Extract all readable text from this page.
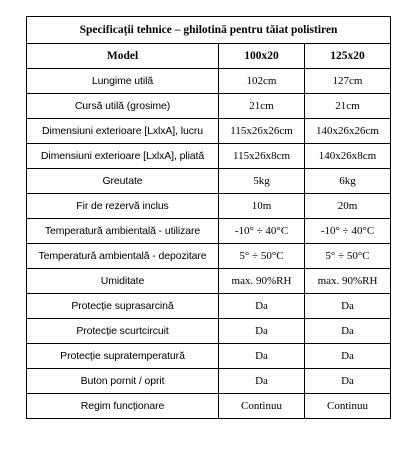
Specificații tehnice – ghilotină pentru tăiat polistiren		
Model	100x20	125x20
Lungime utilă	102cm	127cm
Cursă utilă (grosime)	21cm	21cm
Dimensiuni exterioare [LxlxA], lucru	115x26x26cm	140x26x26cm
Dimensiuni exterioare [LxlxA], pliată	115x26x8cm	140x26x8cm
Greutate	5kg	6kg
Fir de rezervă inclus	10m	20m
Temperatură ambientală - utilizare	-10° ÷ 40°C	-10° ÷ 40°C
Temperatură ambientală - depozitare	5° ÷ 50°C	5° ÷ 50°C
Umiditate	max. 90%RH	max. 90%RH
Protecție suprasarcină	Da	Da
Protecție scurtcircuit	Da	Da
Protecție supratemperatură	Da	Da
Buton pornit / oprit	Da	Da
Regim funcționare	Continuu	Continuu
